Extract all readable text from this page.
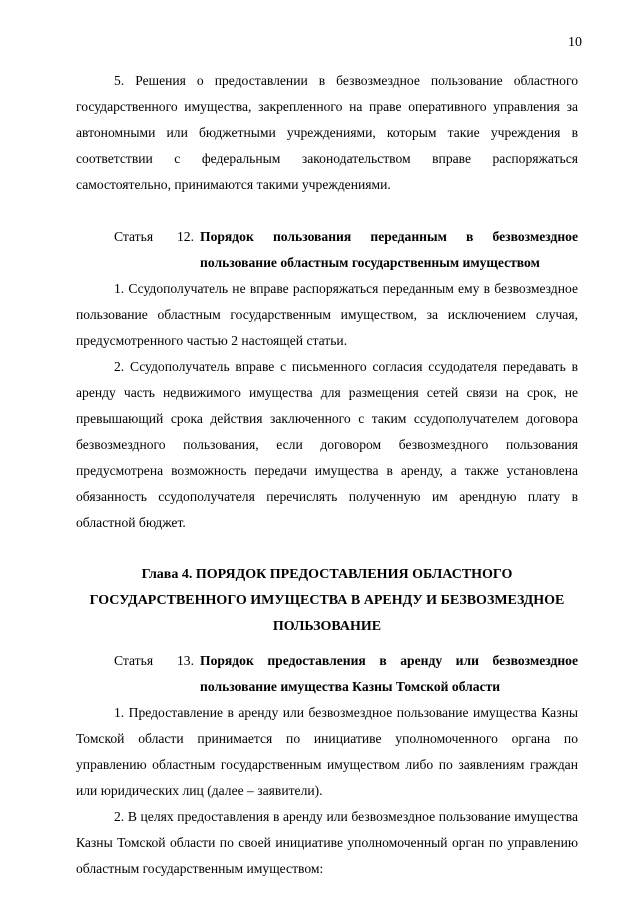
10

5. Решения о предоставлении в безвозмездное пользование областного государственного имущества, закрепленного на праве оперативного управления за автономными или бюджетными учреждениями, которым такие учреждения в соответствии с федеральным законодательством вправе распоряжаться самостоятельно, принимаются такими учреждениями.

Статья 12. Порядок пользования переданным в безвозмездное пользование областным государственным имуществом

1. Ссудополучатель не вправе распоряжаться переданным ему в безвозмездное пользование областным государственным имуществом, за исключением случая, предусмотренного частью 2 настоящей статьи.

2. Ссудополучатель вправе с письменного согласия ссудодателя передавать в аренду часть недвижимого имущества для размещения сетей связи на срок, не превышающий срока действия заключенного с таким ссудополучателем договора безвозмездного пользования, если договором безвозмездного пользования предусмотрена возможность передачи имущества в аренду, а также установлена обязанность ссудополучателя перечислять полученную им арендную плату в областной бюджет.

Глава 4. ПОРЯДОК ПРЕДОСТАВЛЕНИЯ ОБЛАСТНОГО ГОСУДАРСТВЕННОГО ИМУЩЕСТВА В АРЕНДУ И БЕЗВОЗМЕЗДНОЕ ПОЛЬЗОВАНИЕ

Статья 13. Порядок предоставления в аренду или безвозмездное пользование имущества Казны Томской области

1. Предоставление в аренду или безвозмездное пользование имущества Казны Томской области принимается по инициативе уполномоченного органа по управлению областным государственным имуществом либо по заявлениям граждан или юридических лиц (далее – заявители).

2. В целях предоставления в аренду или безвозмездное пользование имущества Казны Томской области по своей инициативе уполномоченный орган по управлению областным государственным имуществом:
